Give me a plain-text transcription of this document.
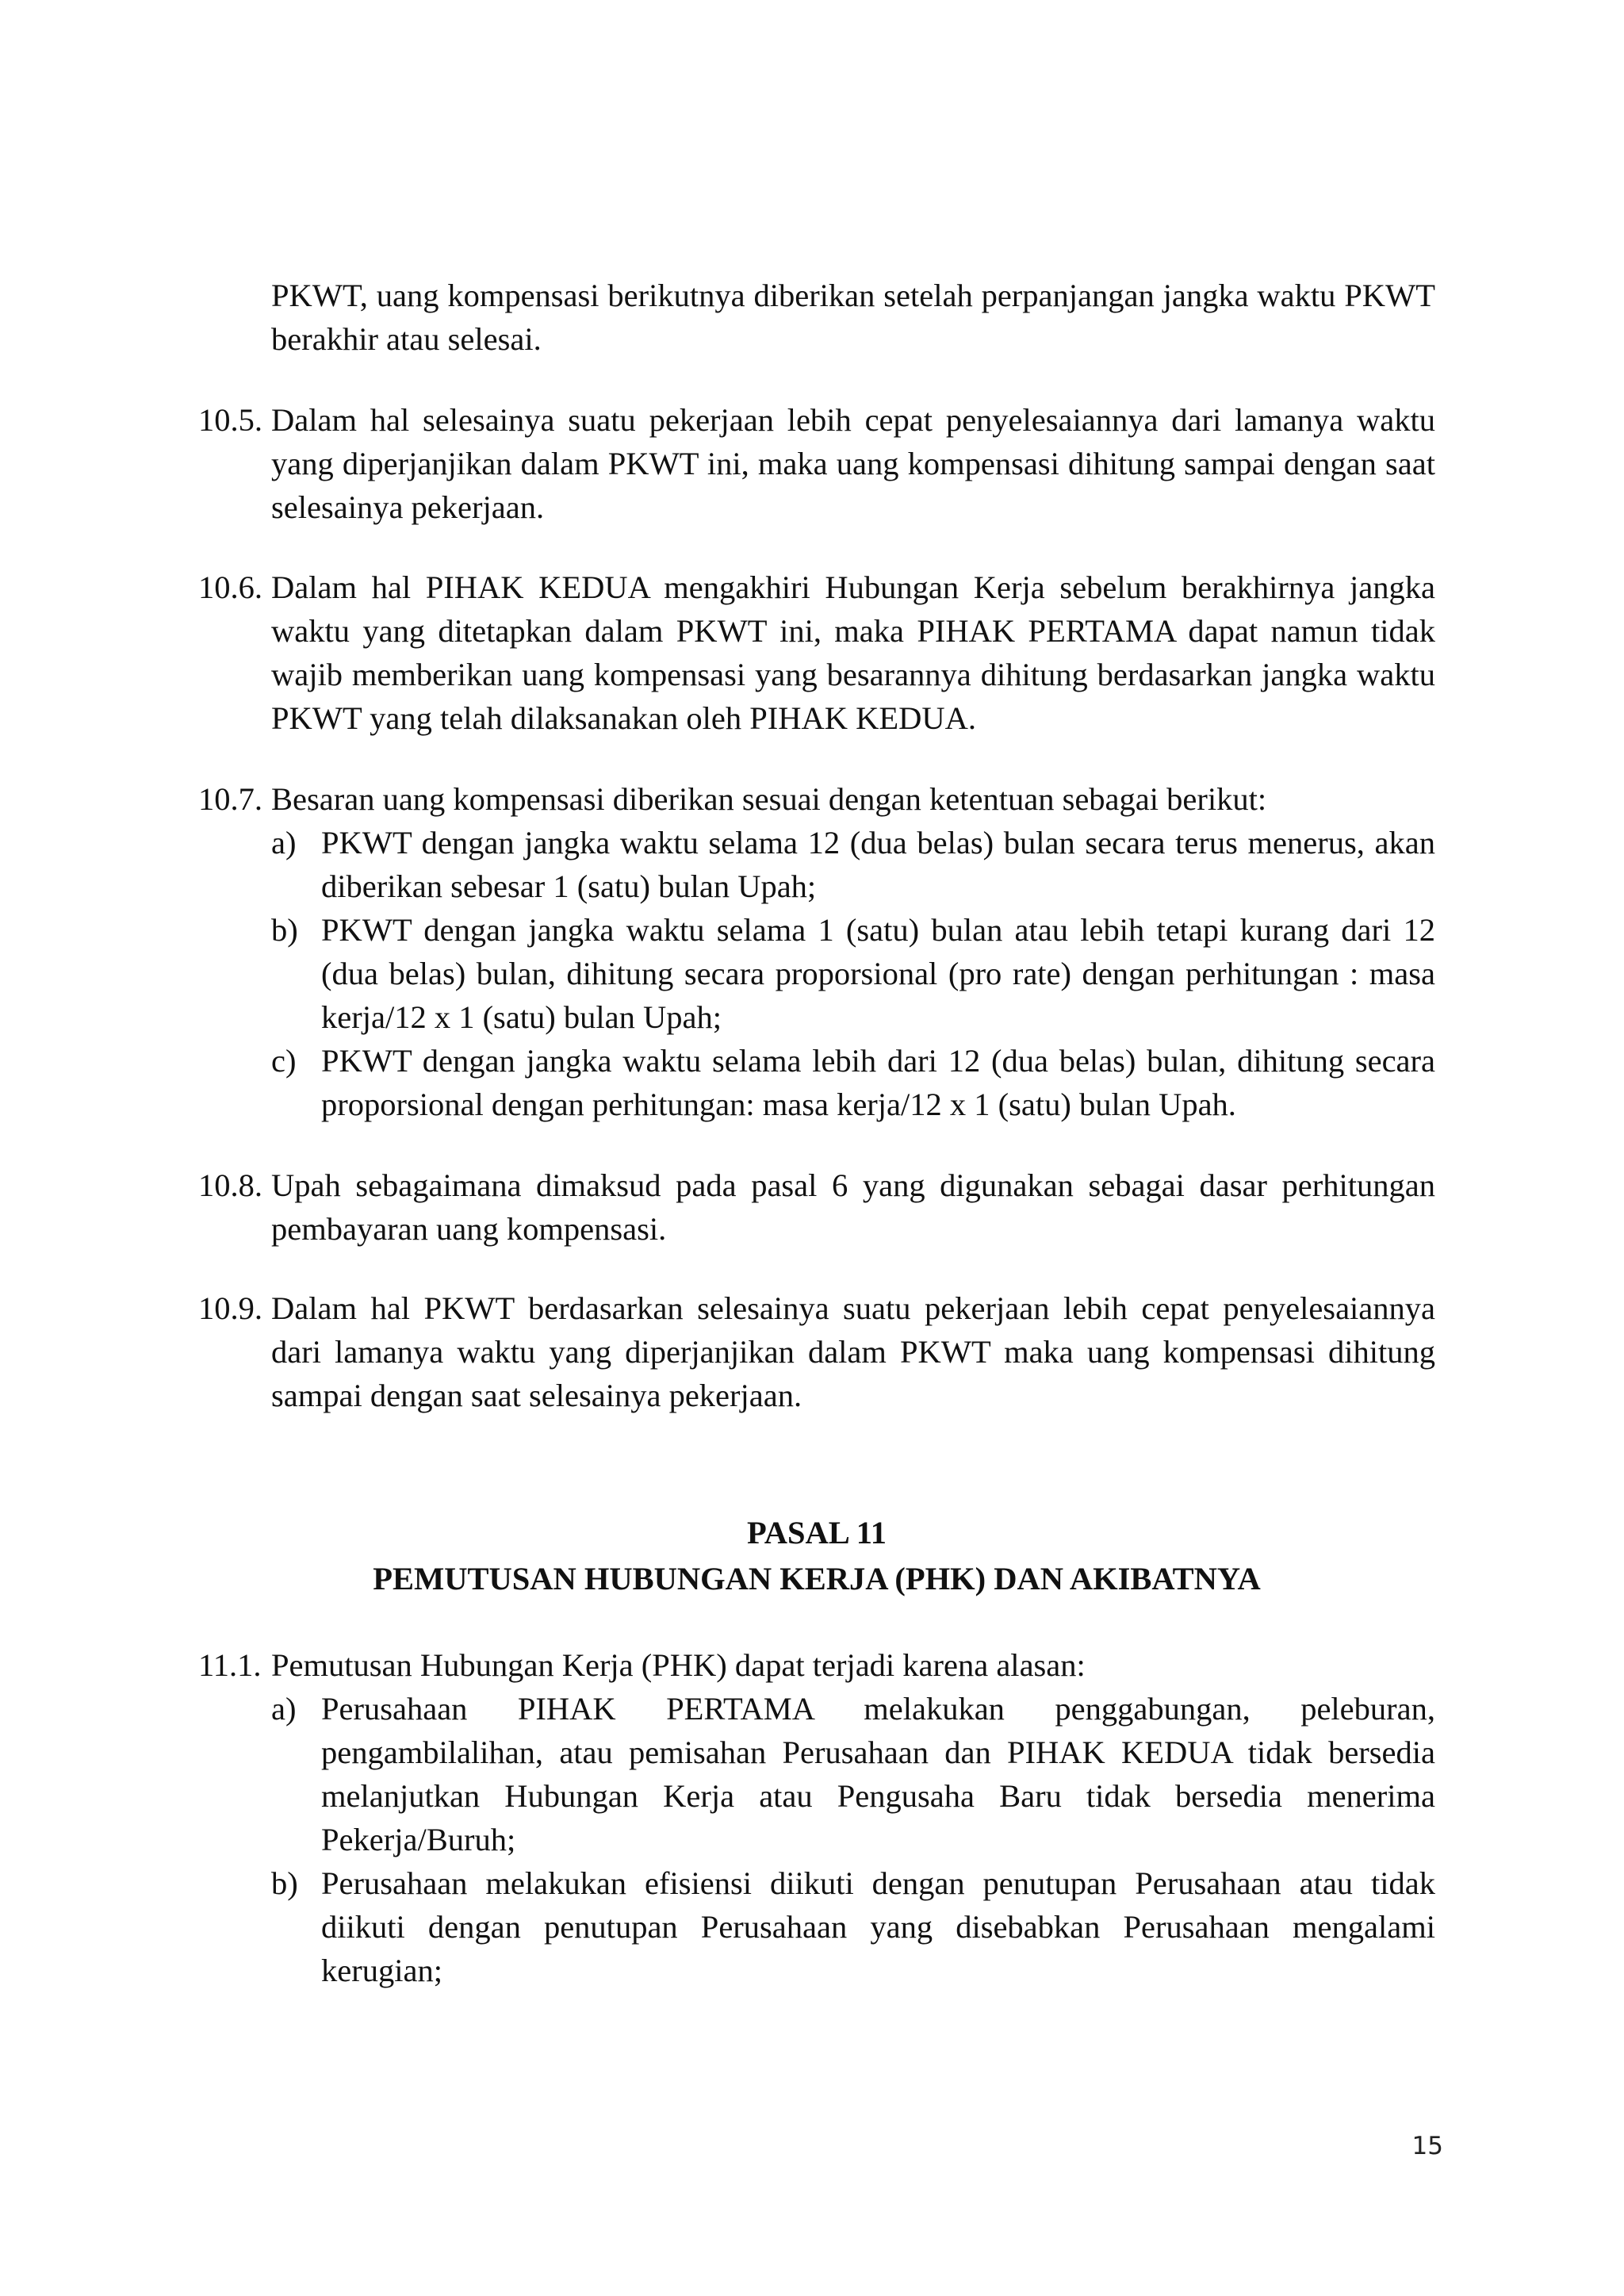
PKWT, uang kompensasi berikutnya diberikan setelah perpanjangan jangka waktu PKWT berakhir atau selesai.
10.5. Dalam hal selesainya suatu pekerjaan lebih cepat penyelesaiannya dari lamanya waktu yang diperjanjikan dalam PKWT ini, maka uang kompensasi dihitung sampai dengan saat selesainya pekerjaan.
10.6. Dalam hal PIHAK KEDUA mengakhiri Hubungan Kerja sebelum berakhirnya jangka waktu yang ditetapkan dalam PKWT ini, maka PIHAK PERTAMA dapat namun tidak wajib memberikan uang kompensasi yang besarannya dihitung berdasarkan jangka waktu PKWT yang telah dilaksanakan oleh PIHAK KEDUA.
10.7. Besaran uang kompensasi diberikan sesuai dengan ketentuan sebagai berikut:
a) PKWT dengan jangka waktu selama 12 (dua belas) bulan secara terus menerus, akan diberikan sebesar 1 (satu) bulan Upah;
b) PKWT dengan jangka waktu selama 1 (satu) bulan atau lebih tetapi kurang dari 12 (dua belas) bulan, dihitung secara proporsional (pro rate) dengan perhitungan : masa kerja/12 x 1 (satu) bulan Upah;
c) PKWT dengan jangka waktu selama lebih dari 12 (dua belas) bulan, dihitung secara proporsional dengan perhitungan: masa kerja/12 x 1 (satu) bulan Upah.
10.8. Upah sebagaimana dimaksud pada pasal 6 yang digunakan sebagai dasar perhitungan pembayaran uang kompensasi.
10.9. Dalam hal PKWT berdasarkan selesainya suatu pekerjaan lebih cepat penyelesaiannya dari lamanya waktu yang diperjanjikan dalam PKWT maka uang kompensasi dihitung sampai dengan saat selesainya pekerjaan.
PASAL 11
PEMUTUSAN HUBUNGAN KERJA (PHK) DAN AKIBATNYA
11.1. Pemutusan Hubungan Kerja (PHK) dapat terjadi karena alasan:
a) Perusahaan PIHAK PERTAMA melakukan penggabungan, peleburan, pengambilalihan, atau pemisahan Perusahaan dan PIHAK KEDUA tidak bersedia melanjutkan Hubungan Kerja atau Pengusaha Baru tidak bersedia menerima Pekerja/Buruh;
b) Perusahaan melakukan efisiensi diikuti dengan penutupan Perusahaan atau tidak diikuti dengan penutupan Perusahaan yang disebabkan Perusahaan mengalami kerugian;
15
